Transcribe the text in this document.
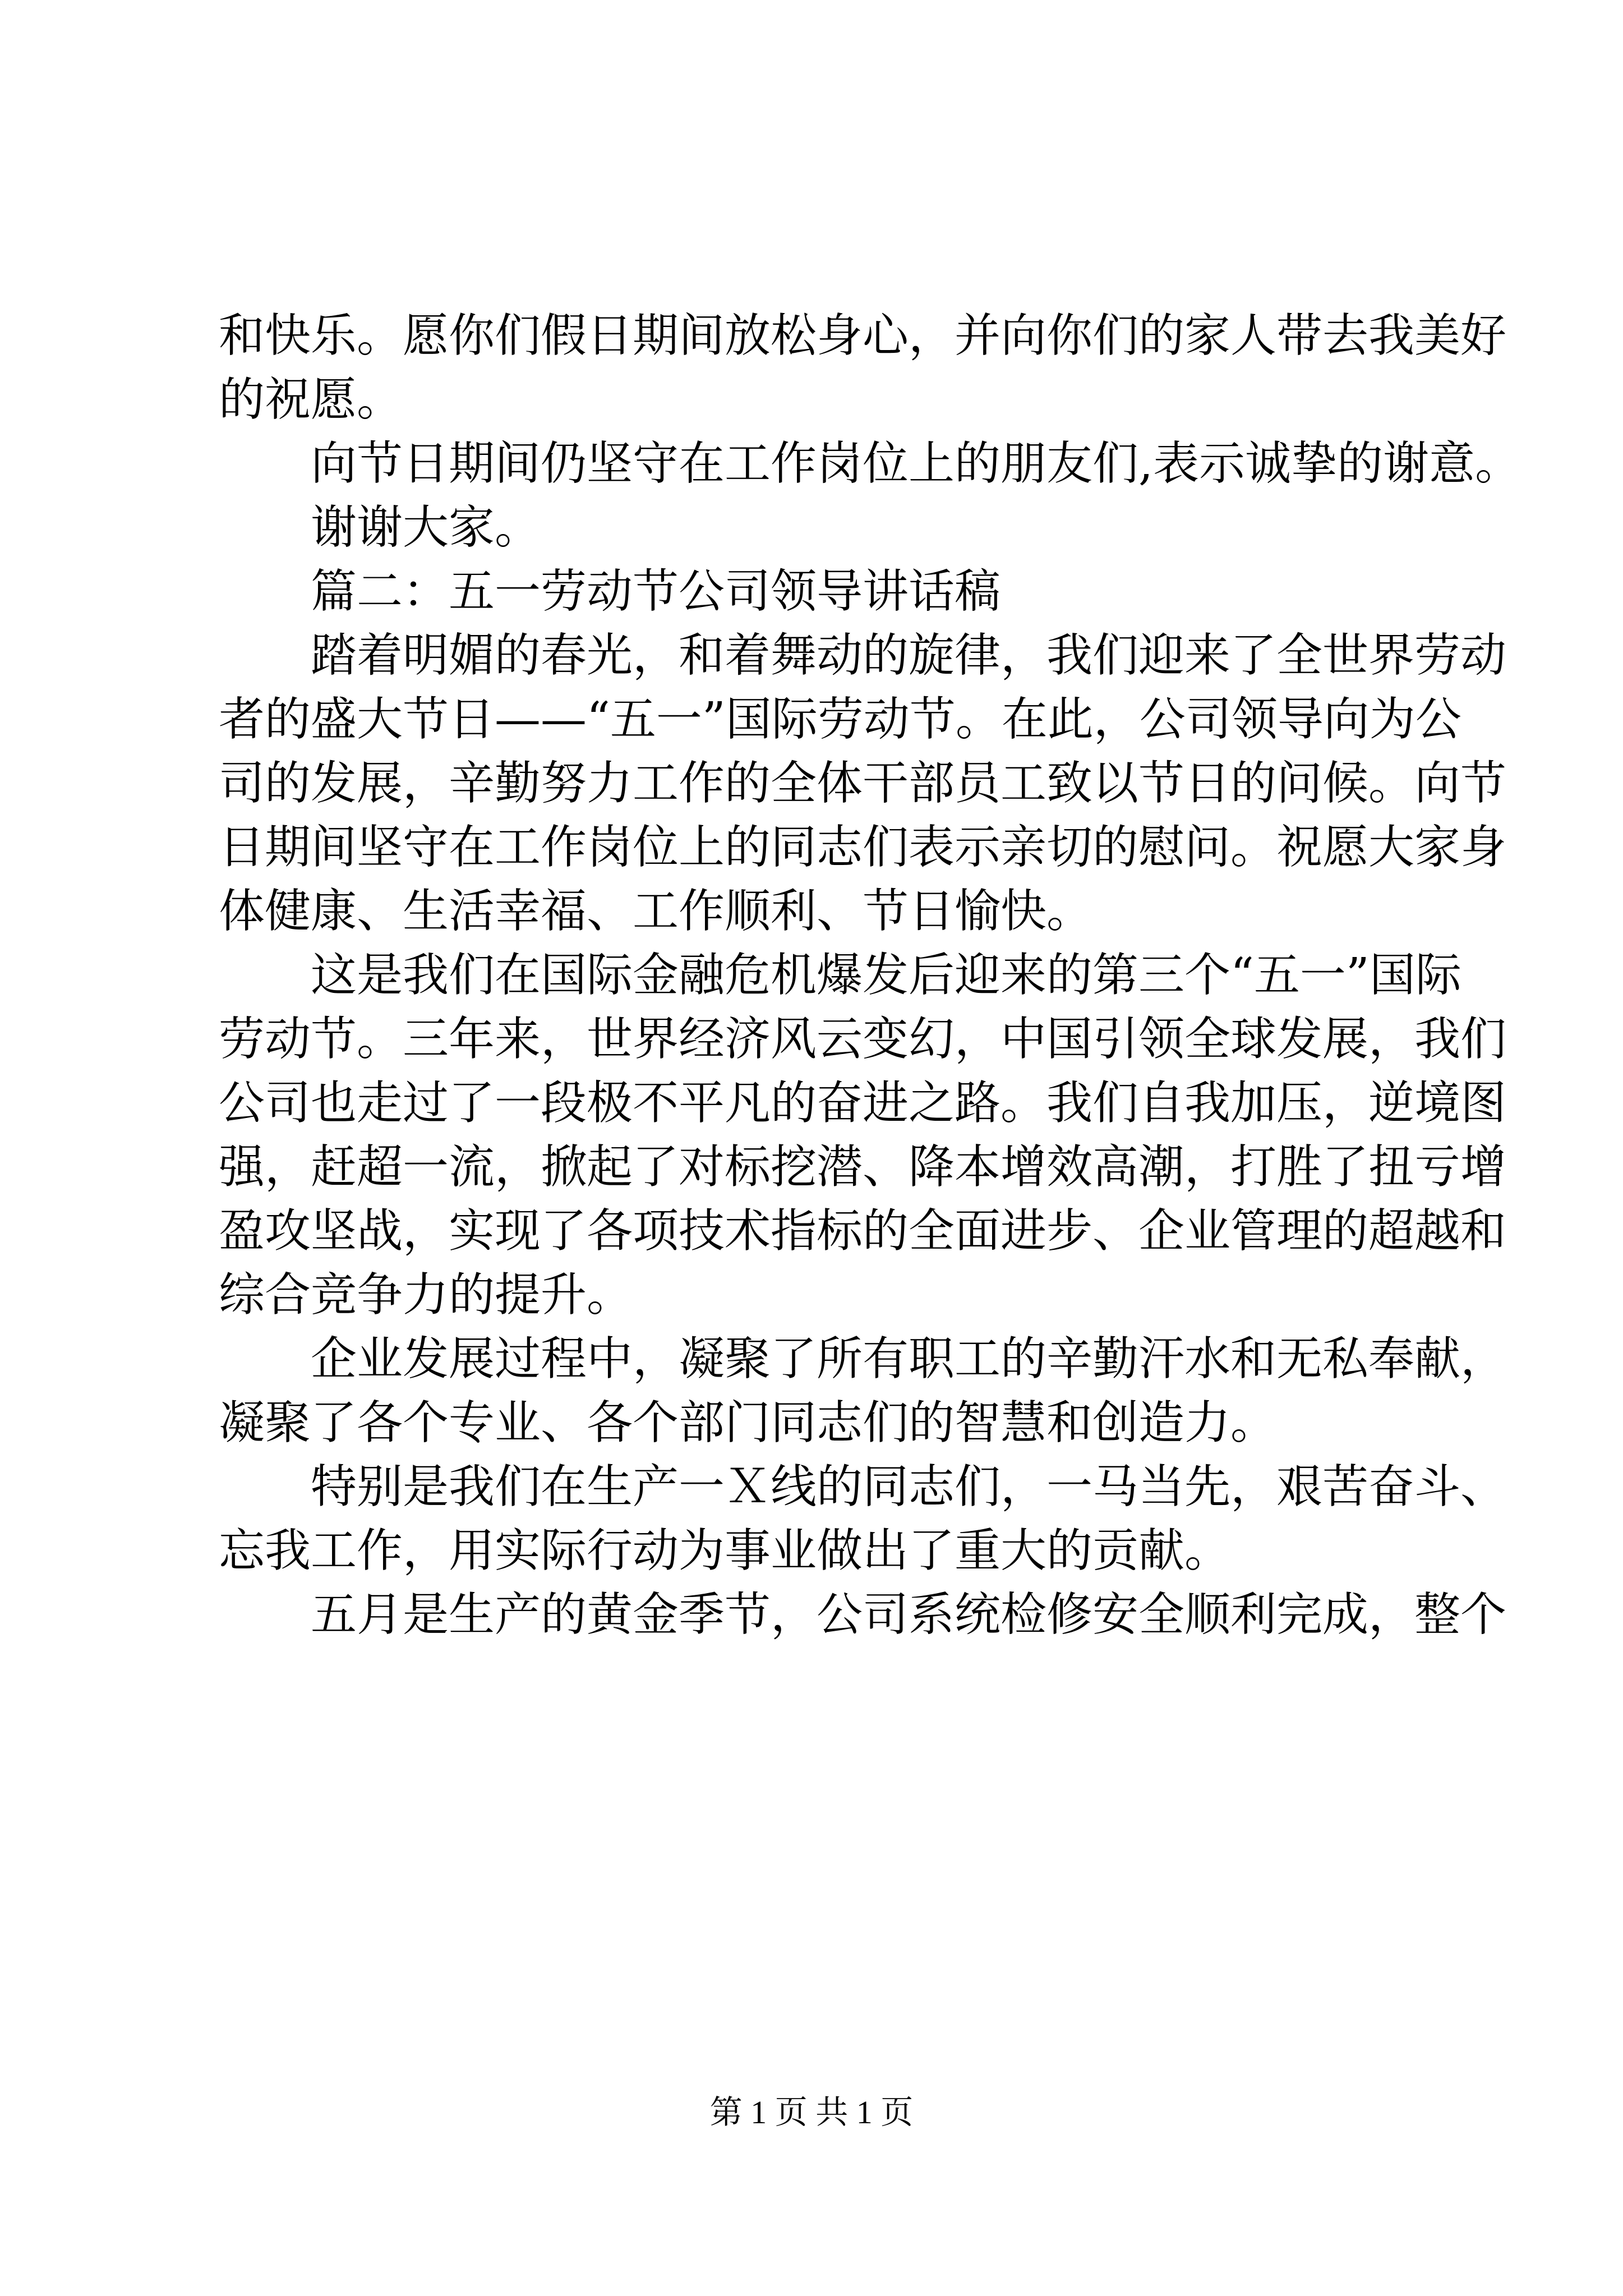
和快乐。愿你们假日期间放松身心，并向你们的家人带去我美好
的祝愿。
向节日期间仍坚守在工作岗位上的朋友们,表示诚挚的谢意。
谢谢大家。
篇二：五一劳动节公司领导讲话稿
踏着明媚的春光，和着舞动的旋律，我们迎来了全世界劳动
者的盛大节日——“五一”国际劳动节。在此，公司领导向为公
司的发展，辛勤努力工作的全体干部员工致以节日的问候。向节
日期间坚守在工作岗位上的同志们表示亲切的慰问。祝愿大家身
体健康、生活幸福、工作顺利、节日愉快。
这是我们在国际金融危机爆发后迎来的第三个“五一”国际
劳动节。三年来，世界经济风云变幻，中国引领全球发展，我们
公司也走过了一段极不平凡的奋进之路。我们自我加压，逆境图
强，赶超一流，掀起了对标挖潜、降本增效高潮，打胜了扭亏增
盈攻坚战，实现了各项技术指标的全面进步、企业管理的超越和
综合竞争力的提升。
企业发展过程中，凝聚了所有职工的辛勤汗水和无私奉献，
凝聚了各个专业、各个部门同志们的智慧和创造力。
特别是我们在生产一Ｘ线的同志们，一马当先，艰苦奋斗、
忘我工作，用实际行动为事业做出了重大的贡献。
五月是生产的黄金季节，公司系统检修安全顺利完成，整个
第 1 页 共 1 页
